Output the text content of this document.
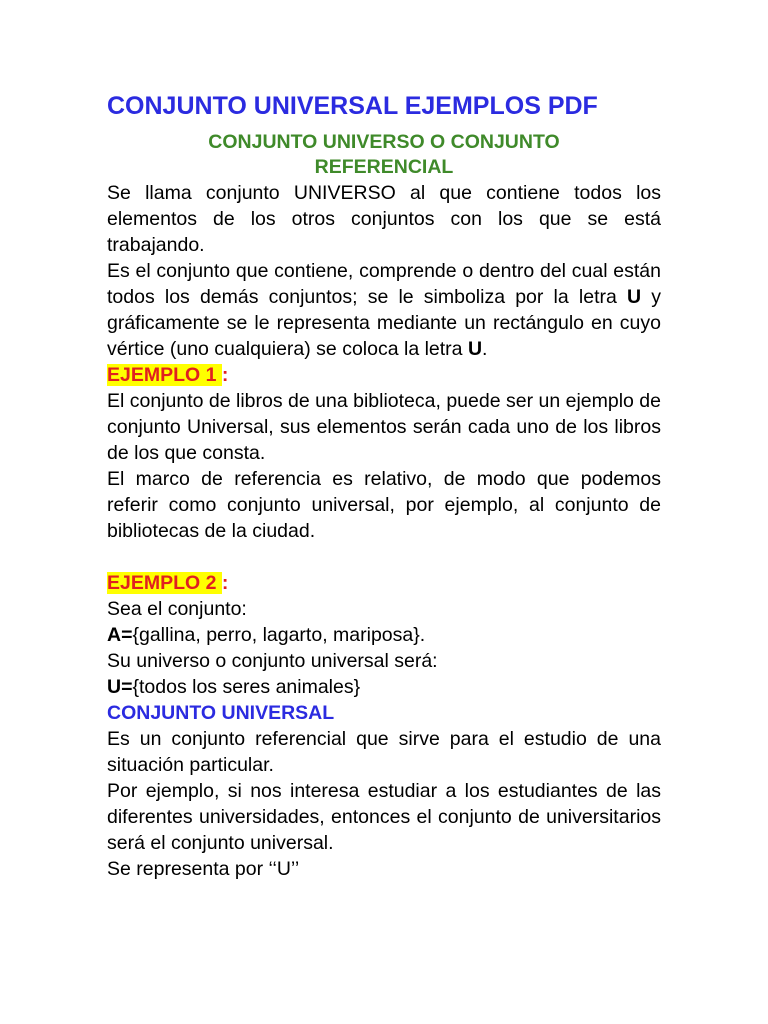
CONJUNTO UNIVERSAL EJEMPLOS PDF
CONJUNTO UNIVERSO O CONJUNTO
REFERENCIAL

Se llama conjunto UNIVERSO al que contiene todos los elementos de los otros conjuntos con los que se está trabajando.

Es el conjunto que contiene, comprende o dentro del cual están todos los demás conjuntos; se le simboliza por la letra U y gráficamente se le representa mediante un rectángulo en cuyo vértice (uno cualquiera) se coloca la letra U.

EJEMPLO 1 :

El conjunto de libros de una biblioteca, puede ser un ejemplo de conjunto Universal, sus elementos serán cada uno de los libros de los que consta.

El marco de referencia es relativo, de modo que podemos referir como conjunto universal, por ejemplo, al conjunto de bibliotecas de la ciudad.

EJEMPLO 2 :

Sea el conjunto:

A={gallina, perro, lagarto, mariposa}.

Su universo o conjunto universal será:

U={todos los seres animales}

CONJUNTO UNIVERSAL

Es un conjunto referencial que sirve para el estudio de una situación particular.

Por ejemplo, si nos interesa estudiar a los estudiantes de las diferentes universidades, entonces el conjunto de universitarios será el conjunto universal.

Se representa por ‘‘U’’
